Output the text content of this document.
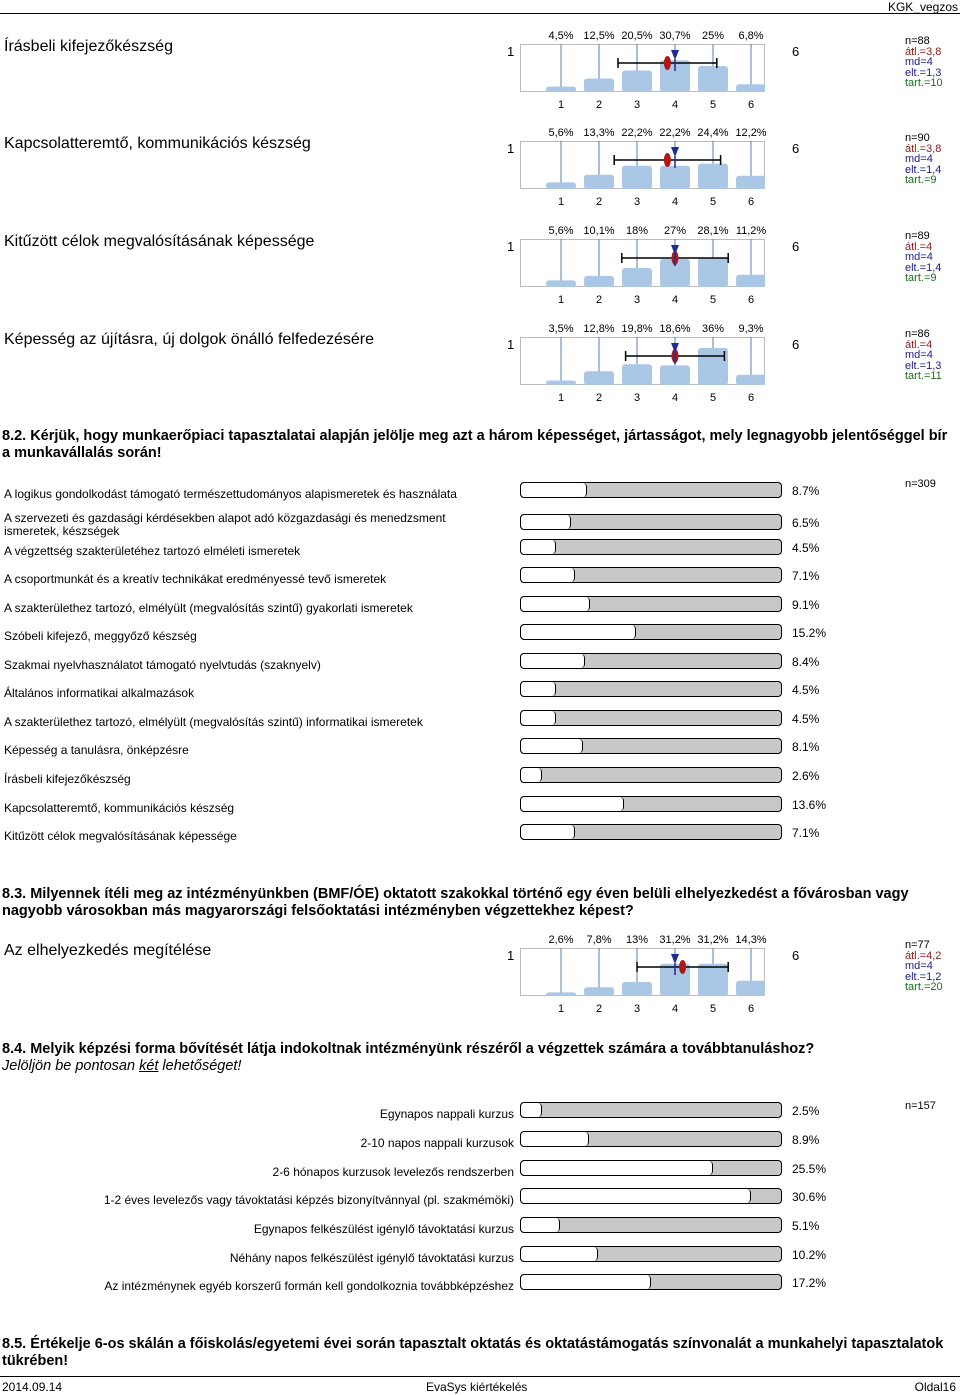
KGK_vegzos
Írásbeli kifejezőkészség	1	6
n=88
átl.=3,8
md=4
elt.=1,3
tart.=10
4,5% 12,5% 20,5% 30,7% 25% 6,8%
1	2	3	4	5	6
Kapcsolatteremtő, kommunikációs készség	1	6
n=90
átl.=3,8
md=4
elt.=1,4
tart.=9
5,6% 13,3% 22,2% 22,2% 24,4% 12,2%
1	2	3	4	5	6
Kitűzött célok megvalósításának képessége	1	6
n=89
átl.=4
md=4
elt.=1,4
tart.=9
5,6% 10,1% 18% 27% 28,1% 11,2%
1	2	3	4	5	6
Képesség az újításra, új dolgok önálló felfedezésére	1	6
n=86
átl.=4
md=4
elt.=1,3
tart.=11
3,5% 12,8% 19,8% 18,6% 36% 9,3%
1	2	3	4	5	6
Az elhelyezkedés megítélése	1	6
n=77
átl.=4,2
md=4
elt.=1,2
tart.=20
2,6% 7,8% 13% 31,2% 31,2% 14,3%
1	2	3	4	5	6
8.2. Kérjük, hogy munkaerőpiaci tapasztalatai alapján jelölje meg azt a három képességet, jártasságot, mely legnagyobb jelentőséggel bír a munkavállalás során!
n=309
A logikus gondolkodást támogató természettudományos alapismeretek és használata	8.7%
A szervezeti és gazdasági kérdésekben alapot adó közgazdasági és menedzsment ismeretek, készségek
6.5%
A végzettség szakterületéhez tartozó elméleti ismeretek	4.5%
A csoportmunkát és a kreatív technikákat eredményessé tevő ismeretek	7.1%
A szakterülethez tartozó, elmélyült (megvalósítás szintű) gyakorlati ismeretek	9.1%
Szóbeli kifejező, meggyőző készség	15.2%
Szakmai nyelvhasználatot támogató nyelvtudás (szaknyelv)	8.4%
Általános informatikai alkalmazások	4.5%
A szakterülethez tartozó, elmélyült (megvalósítás szintű) informatikai ismeretek	4.5%
Képesség a tanulásra, önképzésre	8.1%
Írásbeli kifejezőkészség	2.6%
Kapcsolatteremtő, kommunikációs készség	13.6%
Kitűzött célok megvalósításának képessége	7.1%
8.3. Milyennek ítéli meg az intézményünkben (BMF/ÓE) oktatott szakokkal történő egy éven belüli elhelyezkedést a fővárosban vagy nagyobb városokban más magyarországi felsőoktatási intézményben végzettekhez képest?
8.4. Melyik képzési forma bővítését látja indokoltnak intézményünk részéről a végzettek számára a továbbtanuláshoz?
Jelöljön be pontosan két lehetőséget!
n=157
Egynapos nappali kurzus	2.5%
2-10 napos nappali kurzusok	8.9%
2-6 hónapos kurzusok levelezős rendszerben	25.5%
1-2 éves levelezős vagy távoktatási képzés bizonyítvánnyal (pl. szakmémöki)	30.6%
Egynapos felkészülést igénylő távoktatási kurzus	5.1%
Néhány napos felkészülést igénylő távoktatási kurzus	10.2%
Az intézménynek egyéb korszerű formán kell gondolkoznia továbbképzéshez	17.2%
8.5. Értékelje 6-os skálán a főiskolás/egyetemi évei során tapasztalt oktatás és oktatástámogatás színvonalát a munkahelyi tapasztalatok tükrében!
2014.09.14	EvaSys kiértékelés	Oldal16
